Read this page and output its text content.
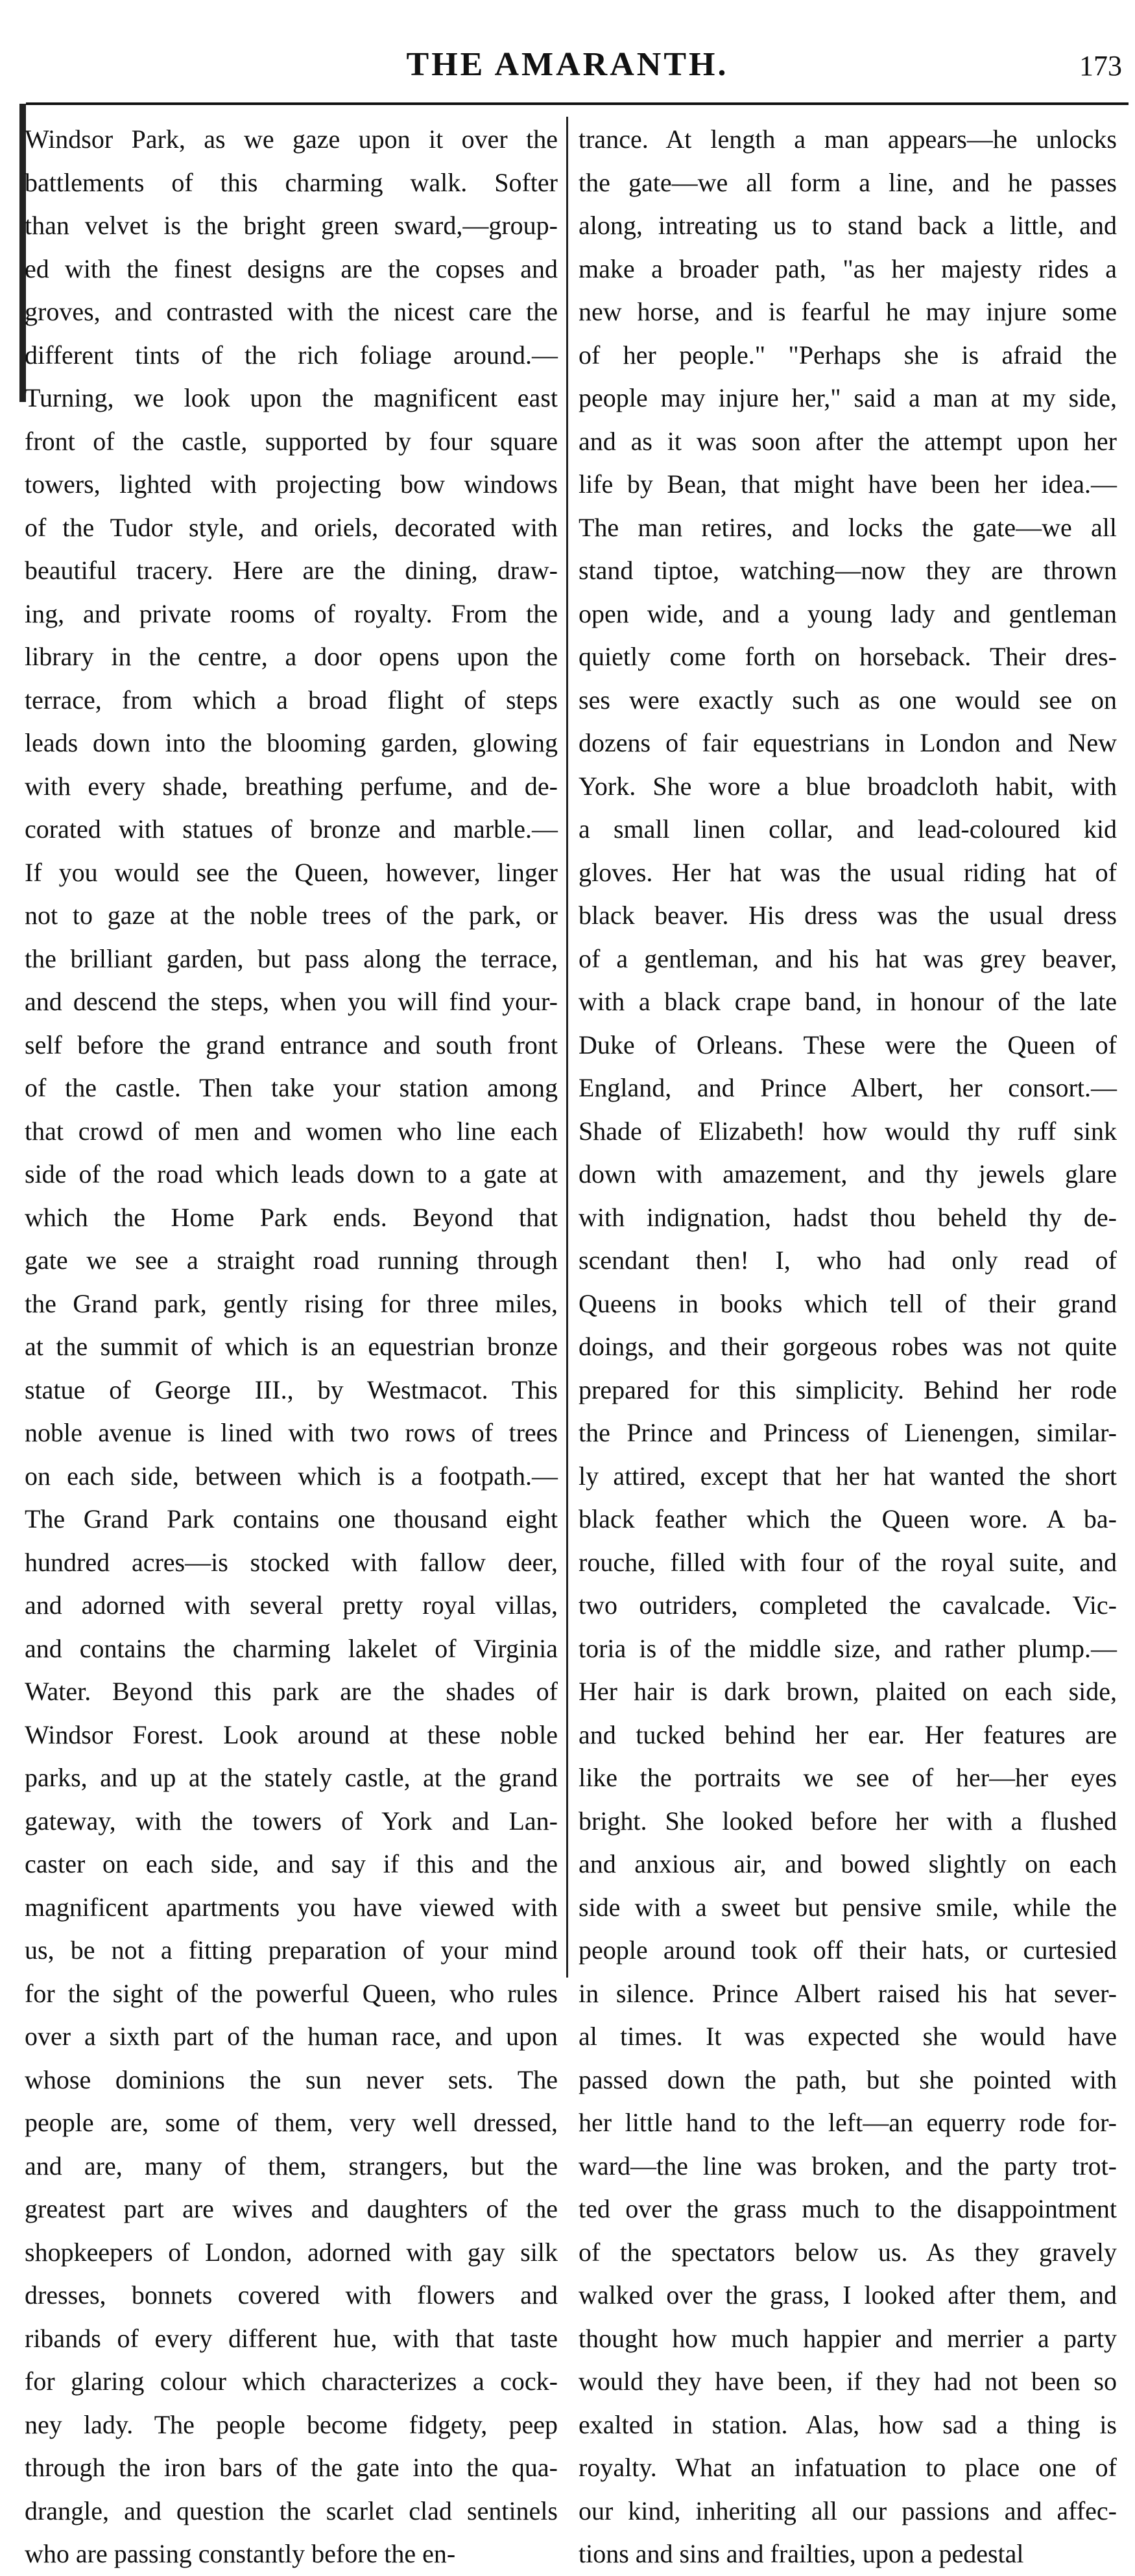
THE AMARANTH.	173
Windsor Park, as we gaze upon it over the
battlements of this charming walk. Softer
than velvet is the bright green sward,—group-
ed with the finest designs are the copses and
groves, and contrasted with the nicest care the
different tints of the rich foliage around.—
Turning, we look upon the magnificent east
front of the castle, supported by four square
towers, lighted with projecting bow windows
of the Tudor style, and oriels, decorated with
beautiful tracery. Here are the dining, draw-
ing, and private rooms of royalty. From the
library in the centre, a door opens upon the
terrace, from which a broad flight of steps
leads down into the blooming garden, glowing
with every shade, breathing perfume, and de-
corated with statues of bronze and marble.—
If you would see the Queen, however, linger
not to gaze at the noble trees of the park, or
the brilliant garden, but pass along the terrace,
and descend the steps, when you will find your-
self before the grand entrance and south front
of the castle. Then take your station among
that crowd of men and women who line each
side of the road which leads down to a gate at
which the Home Park ends. Beyond that
gate we see a straight road running through
the Grand park, gently rising for three miles,
at the summit of which is an equestrian bronze
statue of George III., by Westmacot. This
noble avenue is lined with two rows of trees
on each side, between which is a footpath.—
The Grand Park contains one thousand eight
hundred acres—is stocked with fallow deer,
and adorned with several pretty royal villas,
and contains the charming lakelet of Virginia
Water. Beyond this park are the shades of
Windsor Forest. Look around at these noble
parks, and up at the stately castle, at the grand
gateway, with the towers of York and Lan-
caster on each side, and say if this and the
magnificent apartments you have viewed with
us, be not a fitting preparation of your mind
for the sight of the powerful Queen, who rules
over a sixth part of the human race, and upon
whose dominions the sun never sets. The
people are, some of them, very well dressed,
and are, many of them, strangers, but the
greatest part are wives and daughters of the
shopkeepers of London, adorned with gay silk
dresses, bonnets covered with flowers and
ribands of every different hue, with that taste
for glaring colour which characterizes a cock-
ney lady. The people become fidgety, peep
through the iron bars of the gate into the qua-
drangle, and question the scarlet clad sentinels
who are passing constantly before the en-
trance. At length a man appears—he unlocks
the gate—we all form a line, and he passes
along, intreating us to stand back a little, and
make a broader path, "as her majesty rides a
new horse, and is fearful he may injure some
of her people." "Perhaps she is afraid the
people may injure her," said a man at my side,
and as it was soon after the attempt upon her
life by Bean, that might have been her idea.—
The man retires, and locks the gate—we all
stand tiptoe, watching—now they are thrown
open wide, and a young lady and gentleman
quietly come forth on horseback. Their dres-
ses were exactly such as one would see on
dozens of fair equestrians in London and New
York. She wore a blue broadcloth habit, with
a small linen collar, and lead-coloured kid
gloves. Her hat was the usual riding hat of
black beaver. His dress was the usual dress
of a gentleman, and his hat was grey beaver,
with a black crape band, in honour of the late
Duke of Orleans. These were the Queen of
England, and Prince Albert, her consort.—
Shade of Elizabeth! how would thy ruff sink
down with amazement, and thy jewels glare
with indignation, hadst thou beheld thy de-
scendant then! I, who had only read of
Queens in books which tell of their grand
doings, and their gorgeous robes was not quite
prepared for this simplicity. Behind her rode
the Prince and Princess of Lienengen, similar-
ly attired, except that her hat wanted the short
black feather which the Queen wore. A ba-
rouche, filled with four of the royal suite, and
two outriders, completed the cavalcade. Vic-
toria is of the middle size, and rather plump.—
Her hair is dark brown, plaited on each side,
and tucked behind her ear. Her features are
like the portraits we see of her—her eyes
bright. She looked before her with a flushed
and anxious air, and bowed slightly on each
side with a sweet but pensive smile, while the
people around took off their hats, or curtesied
in silence. Prince Albert raised his hat sever-
al times. It was expected she would have
passed down the path, but she pointed with
her little hand to the left—an equerry rode for-
ward—the line was broken, and the party trot-
ted over the grass much to the disappointment
of the spectators below us. As they gravely
walked over the grass, I looked after them, and
thought how much happier and merrier a party
would they have been, if they had not been so
exalted in station. Alas, how sad a thing is
royalty. What an infatuation to place one of
our kind, inheriting all our passions and affec-
tions and sins and frailties, upon a pedestal
